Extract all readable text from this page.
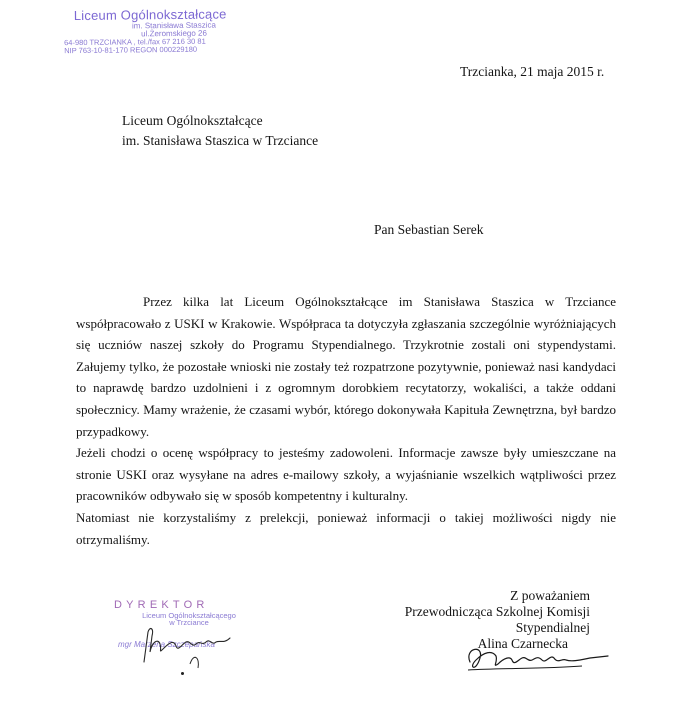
Liceum Ogólnokształcące
im. Stanisława Staszica
ul.Żeromskiego 26
64-980 TRZCIANKA , tel./fax 67 216 30 81
NIP 763-10-81-170 REGON 000229180
Trzcianka, 21 maja 2015 r.
Liceum Ogólnokształcące
im. Stanisława Staszica w Trzciance
Pan Sebastian Serek

Przez kilka lat Liceum Ogólnokształcące im Stanisława Staszica w Trzciance współpracowało z USKI w Krakowie. Współpraca ta dotyczyła zgłaszania szczególnie wyróżniających się uczniów naszej szkoły do Programu Stypendialnego. Trzykrotnie zostali oni stypendystami. Załujemy tylko, że pozostałe wnioski nie zostały też rozpatrzone pozytywnie, ponieważ nasi kandydaci to naprawdę bardzo uzdolnieni i z ogromnym dorobkiem recytatorzy, wokaliści, a także oddani społecznicy. Mamy wrażenie, że czasami wybór, którego dokonywała Kapituła Zewnętrzna, był bardzo przypadkowy.

Jeżeli chodzi o ocenę współpracy to jesteśmy zadowoleni. Informacje zawsze były umieszczane na stronie USKI oraz wysyłane na adres e-mailowy szkoły, a wyjaśnianie wszelkich wątpliwości przez pracowników odbywało się w sposób kompetentny i kulturalny.

Natomiast nie korzystaliśmy z prelekcji, ponieważ informacji o takiej możliwości nigdy nie otrzymaliśmy.

Z poważaniem
Przewodnicząca Szkolnej Komisji Stypendialnej
Alina Czarnecka
DYREKTOR
Liceum Ogólnokształcącego
w Trzciance
mgr Marzena Szczepańska
